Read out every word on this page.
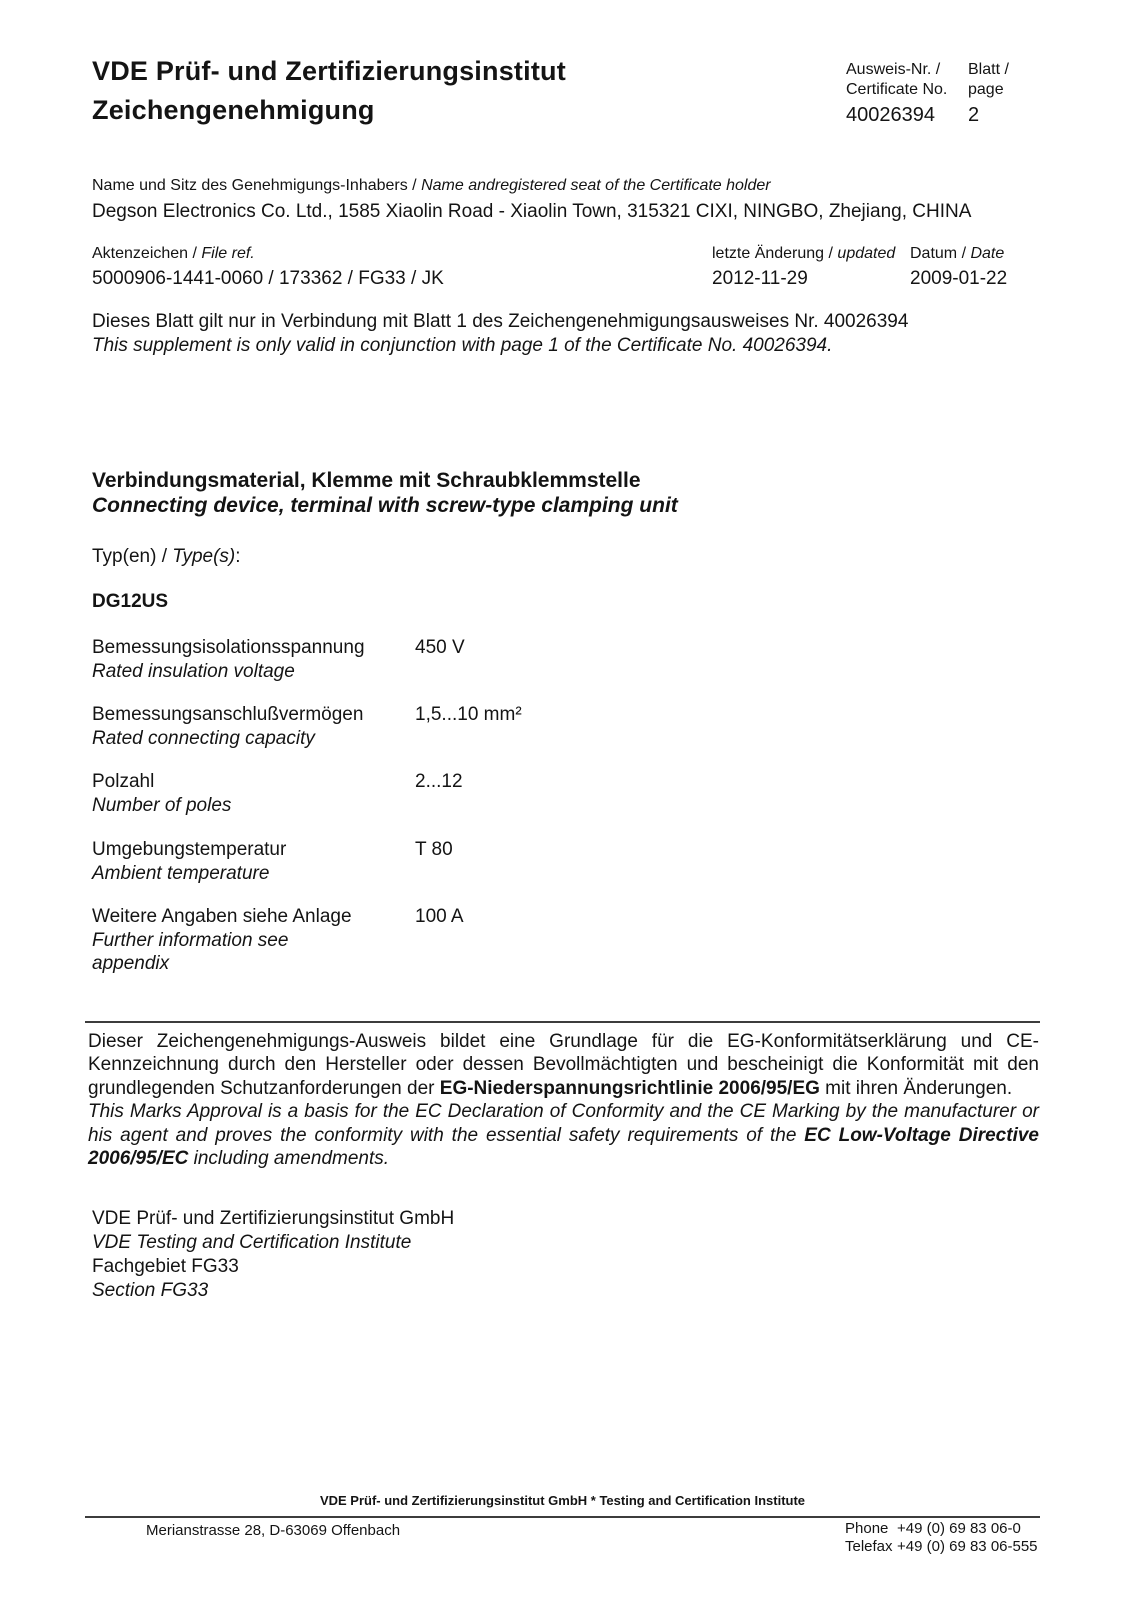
VDE Prüf- und Zertifizierungsinstitut
Zeichengenehmigung
Ausweis-Nr. /
Certificate No.
40026394
Blatt /
page
2
Name und Sitz des Genehmigungs-Inhabers / Name andregistered seat of the Certificate holder
Degson Electronics Co. Ltd., 1585 Xiaolin Road - Xiaolin Town, 315321 CIXI, NINGBO, Zhejiang, CHINA
Aktenzeichen / File ref.
5000906-1441-0060 / 173362 / FG33 / JK
letzte Änderung / updated
2012-11-29
Datum / Date
2009-01-22
Dieses Blatt gilt nur in Verbindung mit Blatt 1 des Zeichengenehmigungsausweises Nr. 40026394
This supplement is only valid in conjunction with page 1 of the Certificate No. 40026394.
Verbindungsmaterial, Klemme mit Schraubklemmstelle
Connecting device, terminal with screw-type clamping unit
Typ(en) / Type(s):
DG12US
Bemessungsisolationsspannung
Rated insulation voltage
450 V
Bemessungsanschlußvermögen
Rated connecting capacity
1,5...10 mm²
Polzahl
Number of poles
2...12
Umgebungstemperatur
Ambient temperature
T 80
Weitere Angaben siehe Anlage
Further information see appendix
100 A

Dieser Zeichengenehmigungs-Ausweis bildet eine Grundlage für die EG-Konformitätserklärung und CE-Kennzeichnung durch den Hersteller oder dessen Bevollmächtigten und bescheinigt die Konformität mit den grundlegenden Schutzanforderungen der EG-Niederspannungsrichtlinie 2006/95/EG mit ihren Änderungen.

This Marks Approval is a basis for the EC Declaration of Conformity and the CE Marking by the manufacturer or his agent and proves the conformity with the essential safety requirements of the EC Low-Voltage Directive 2006/95/EC including amendments.

VDE Prüf- und Zertifizierungsinstitut GmbH
VDE Testing and Certification Institute
Fachgebiet FG33
Section FG33
VDE Prüf- und Zertifizierungsinstitut GmbH * Testing and Certification Institute
Merianstrasse 28, D-63069 Offenbach	Phone +49 (0) 69 83 06-0
Telefax +49 (0) 69 83 06-555
